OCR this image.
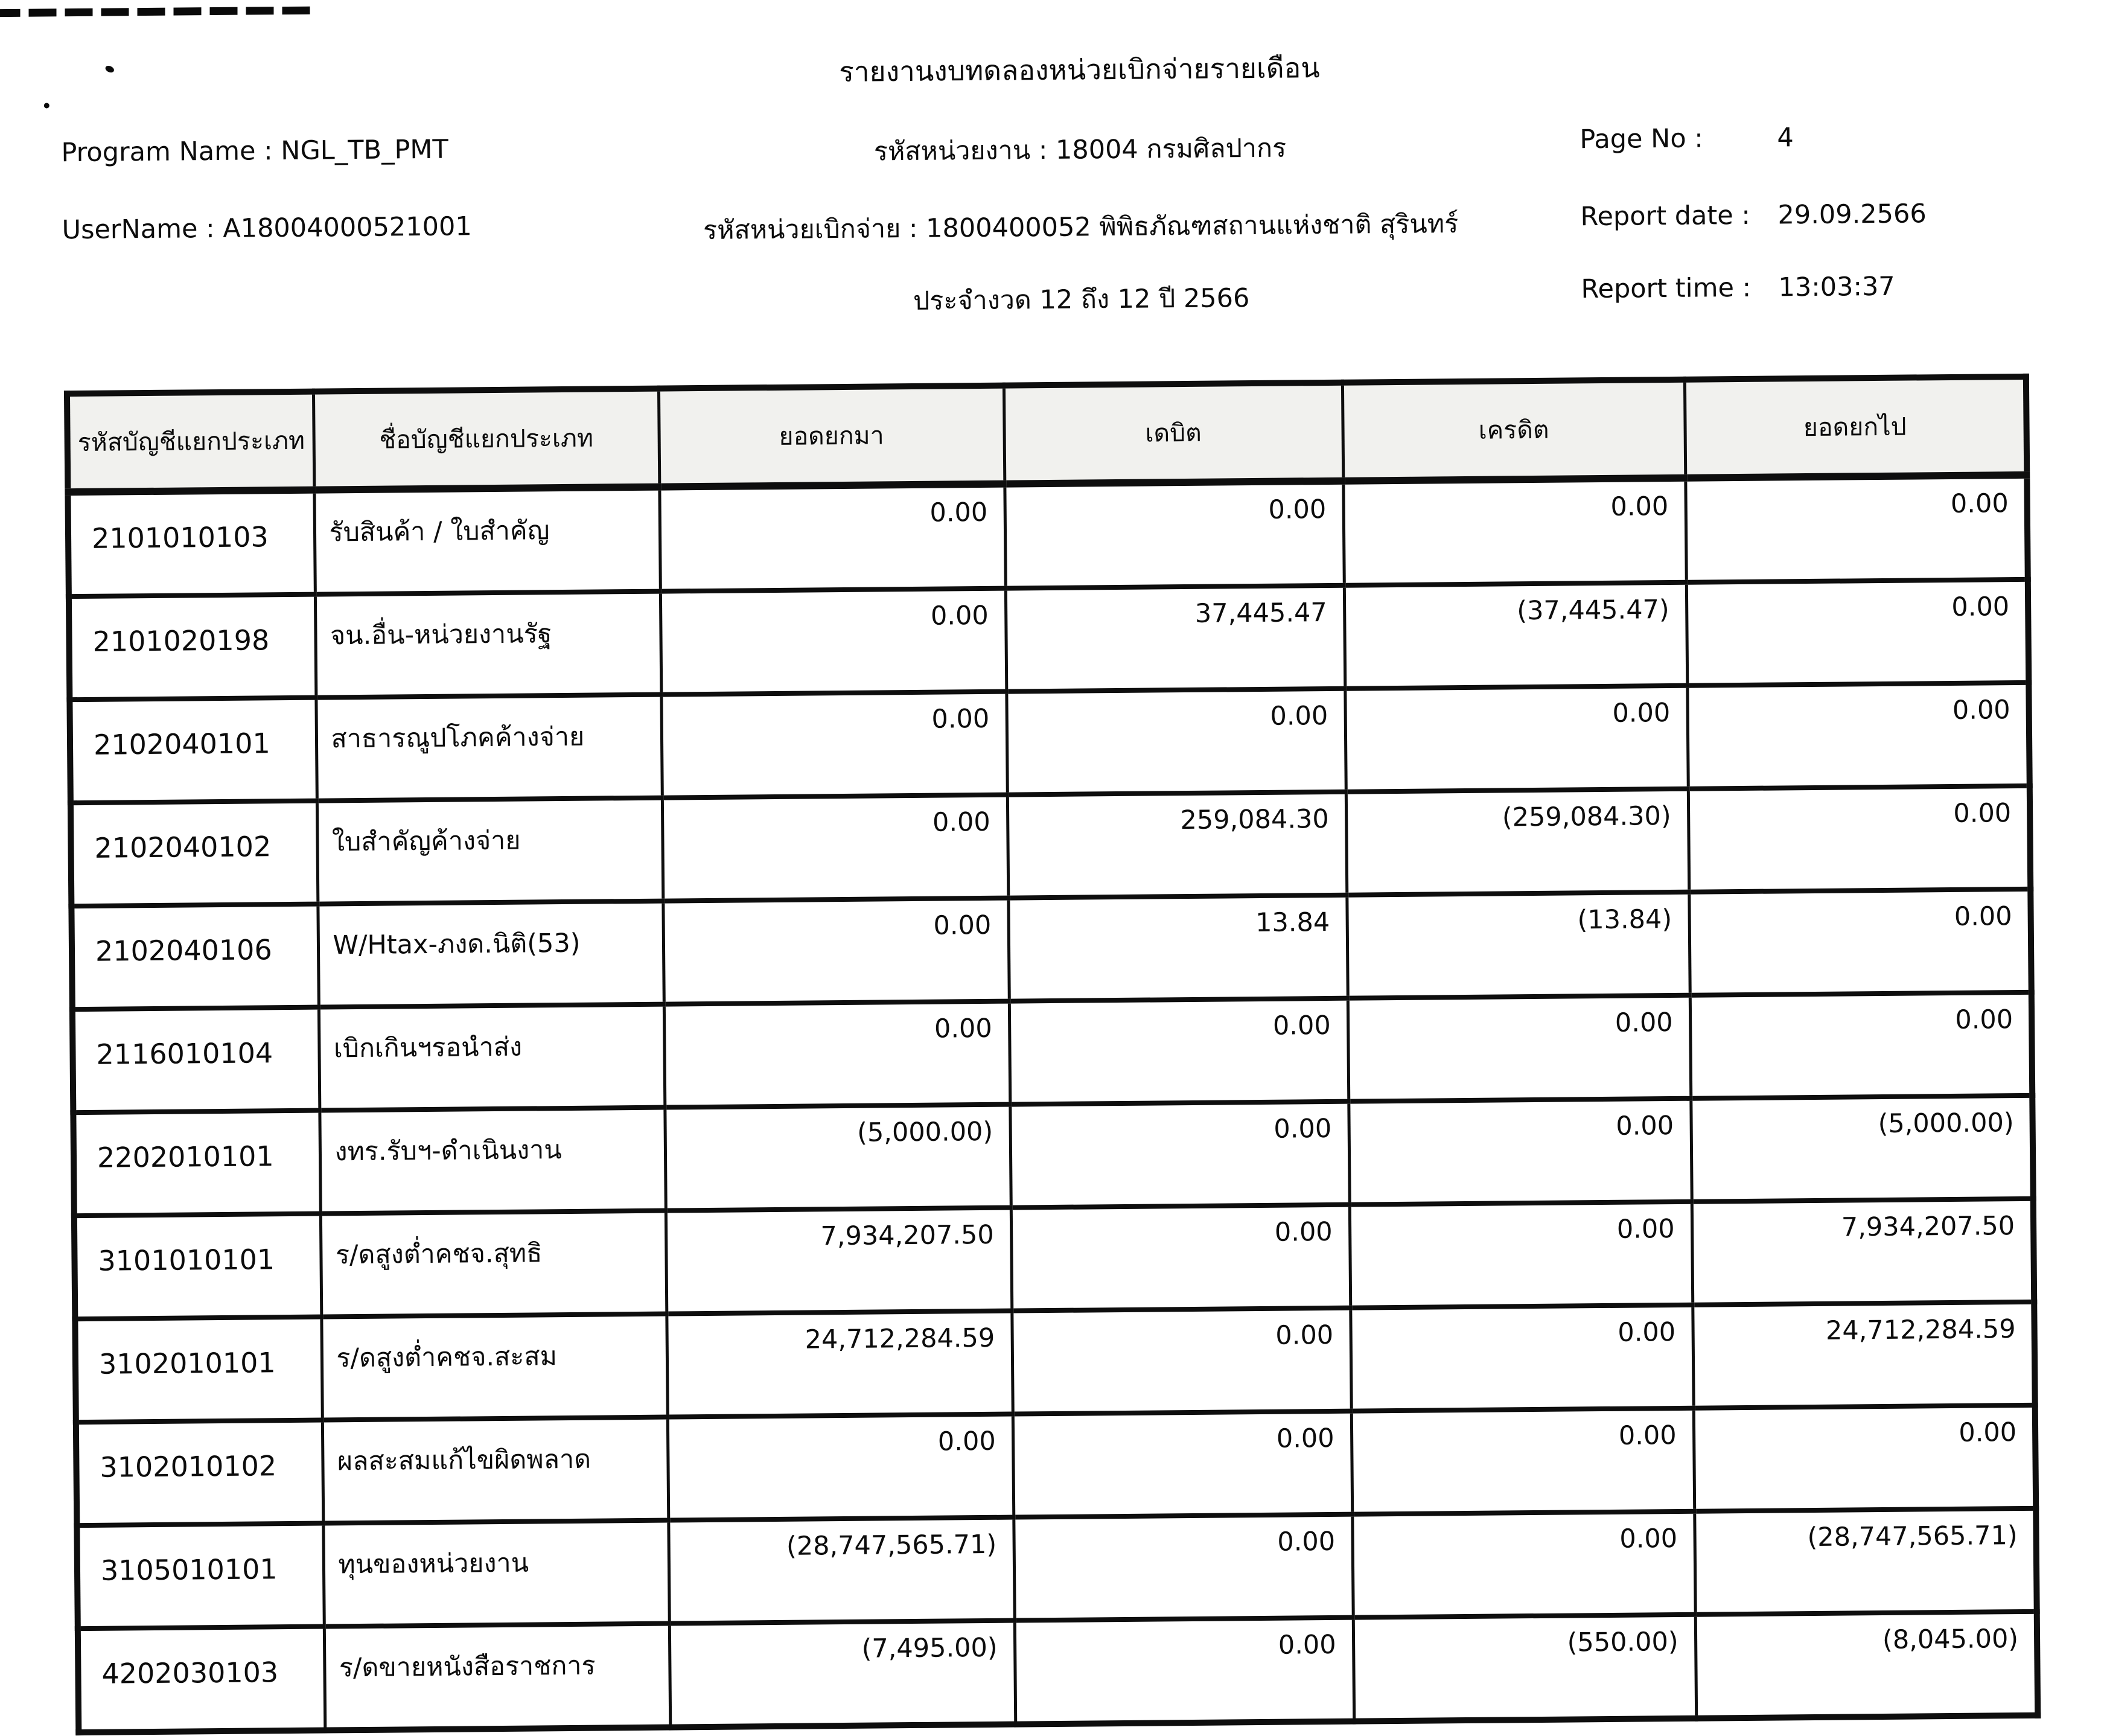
รายงานงบทดลองหน่วยเบิกจ่ายรายเดือน
Program Name : NGL_TB_PMT	รหัสหน่วยงาน : 18004 กรมศิลปากร	Page No :	4
UserName : A18004000521001	รหัสหน่วยเบิกจ่าย : 1800400052 พิพิธภัณฑสถานแห่งชาติ สุรินทร์	Report date : 29.09.2566
ประจำงวด 12 ถึง 12 ปี 2566	Report time : 13:03:37
รหัสบัญชีแยกประเภท	ชื่อบัญชีแยกประเภท	ยอดยกมา	เดบิต	เครดิต	ยอดยกไป
2101010103	รับสินค้า / ใบสำคัญ	0.00	0.00	0.00	0.00
2101020198	จน.อื่น-หน่วยงานรัฐ	0.00	37,445.47	(37,445.47)	0.00
2102040101	สาธารณูปโภคค้างจ่าย	0.00	0.00	0.00	0.00
2102040102	ใบสำคัญค้างจ่าย	0.00	259,084.30	(259,084.30)	0.00
2102040106	W/Htax-ภงด.นิติ(53)	0.00	13.84	(13.84)	0.00
2116010104	เบิกเกินฯรอนำส่ง	0.00	0.00	0.00	0.00
2202010101	งทร.รับฯ-ดำเนินงาน	(5,000.00)	0.00	0.00	(5,000.00)
3101010101	ร/ดสูงต่ำคชจ.สุทธิ	7,934,207.50	0.00	0.00	7,934,207.50
3102010101	ร/ดสูงต่ำคชจ.สะสม	24,712,284.59	0.00	0.00	24,712,284.59
3102010102	ผลสะสมแก้ไขผิดพลาด	0.00	0.00	0.00	0.00
3105010101	ทุนของหน่วยงาน	(28,747,565.71)	0.00	0.00	(28,747,565.71)
4202030103	ร/ดขายหนังสือราชการ	(7,495.00)	0.00	(550.00)	(8,045.00)
